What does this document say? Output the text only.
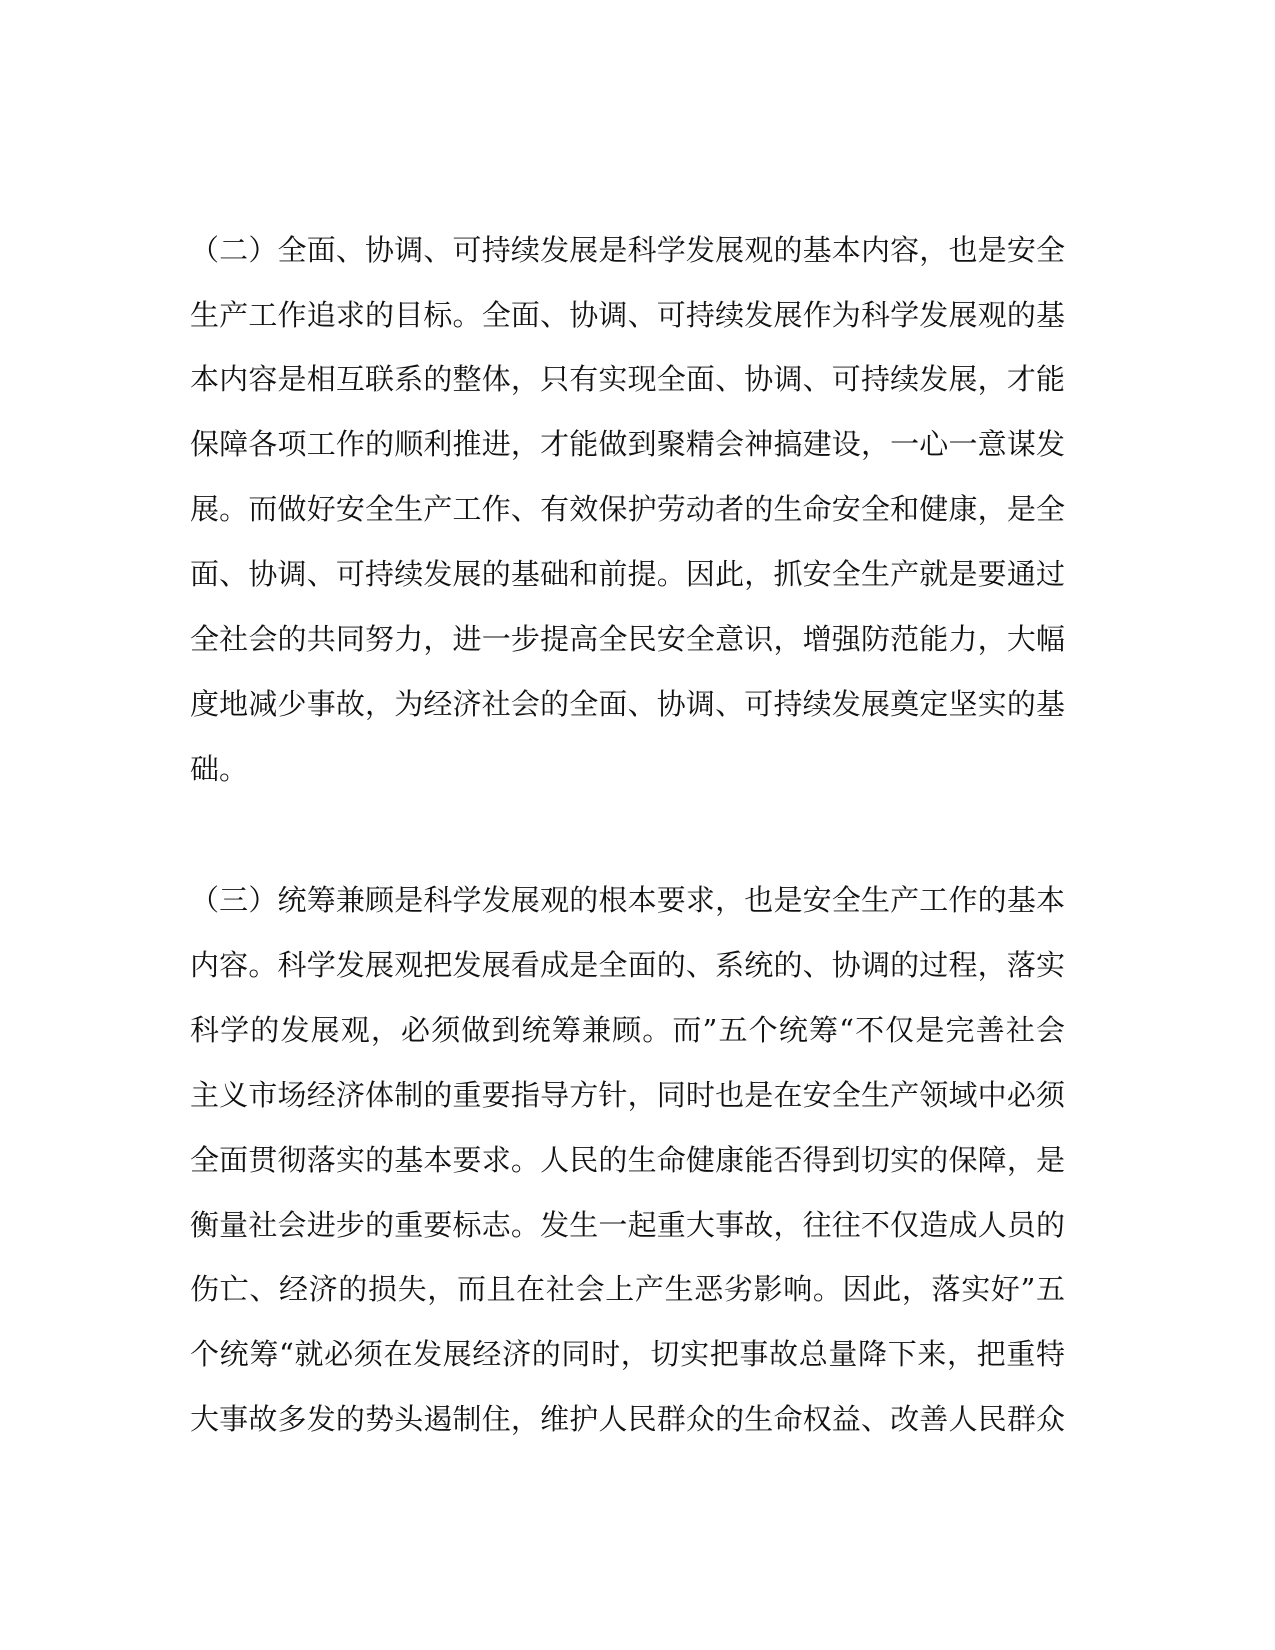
（二）全面、协调、可持续发展是科学发展观的基本内容，也是安全
生产工作追求的目标。全面、协调、可持续发展作为科学发展观的基
本内容是相互联系的整体，只有实现全面、协调、可持续发展，才能
保障各项工作的顺利推进，才能做到聚精会神搞建设，一心一意谋发
展。而做好安全生产工作、有效保护劳动者的生命安全和健康，是全
面、协调、可持续发展的基础和前提。因此，抓安全生产就是要通过
全社会的共同努力，进一步提高全民安全意识，增强防范能力，大幅
度地减少事故，为经济社会的全面、协调、可持续发展奠定坚实的基
础。
（三）统筹兼顾是科学发展观的根本要求，也是安全生产工作的基本
内容。科学发展观把发展看成是全面的、系统的、协调的过程，落实
科学的发展观，必须做到统筹兼顾。而”五个统筹“不仅是完善社会
主义市场经济体制的重要指导方针，同时也是在安全生产领域中必须
全面贯彻落实的基本要求。人民的生命健康能否得到切实的保障，是
衡量社会进步的重要标志。发生一起重大事故，往往不仅造成人员的
伤亡、经济的损失，而且在社会上产生恶劣影响。因此，落实好”五
个统筹“就必须在发展经济的同时，切实把事故总量降下来，把重特
大事故多发的势头遏制住，维护人民群众的生命权益、改善人民群众
